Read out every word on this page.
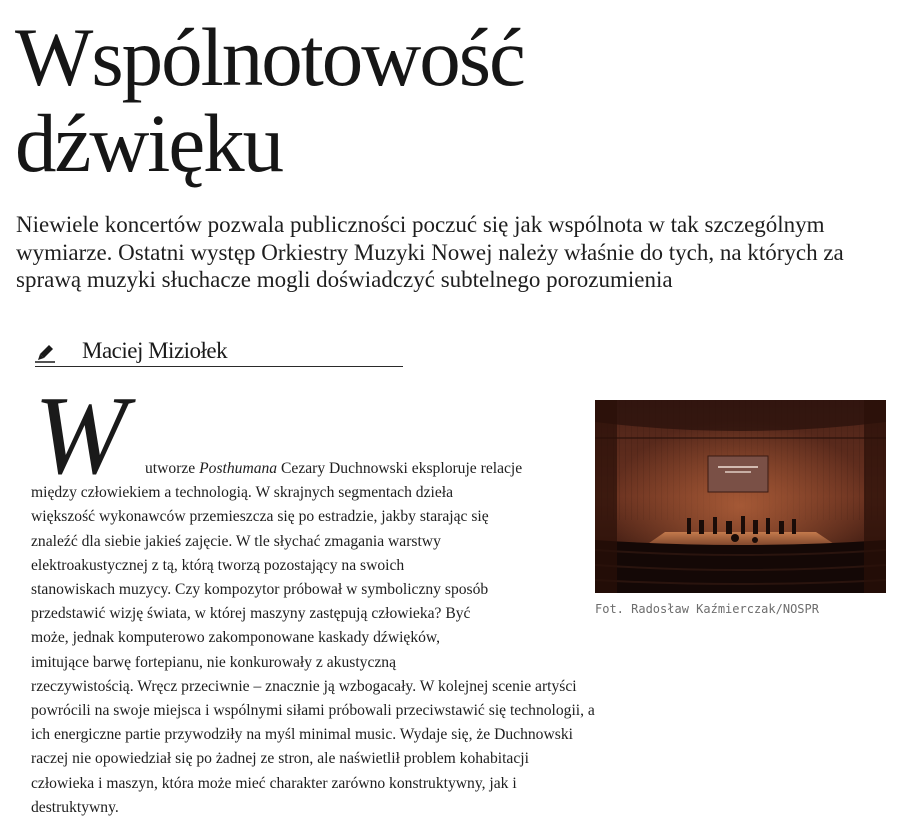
Wspólnotowość
dźwięku

Niewiele koncertów pozwala publiczności poczuć się jak wspólnota w tak szczególnym wymiarze. Ostatni występ Orkiestry Muzyki Nowej należy właśnie do tych, na których za sprawą muzyki słuchacze mogli doświadczyć subtelnego porozumienia

Maciej Miziołek
W	utworze Posthumana Cezary Duchnowski eksploruje relacje
między człowiekiem a technologią. W skrajnych segmentach dzieła
większość wykonawców przemieszcza się po estradzie, jakby starając się
znaleźć dla siebie jakieś zajęcie. W tle słychać zmagania warstwy
elektroakustycznej z tą, którą tworzą pozostający na swoich
stanowiskach muzycy. Czy kompozytor próbował w symboliczny sposób
przedstawić wizję świata, w której maszyny zastępują człowieka? Być
może, jednak komputerowo zakomponowane kaskady dźwięków,
imitujące barwę fortepianu, nie konkurowały z akustyczną
rzeczywistością. Wręcz przeciwnie – znacznie ją wzbogacały. W kolejnej scenie artyści
powrócili na swoje miejsca i wspólnymi siłami próbowali przeciwstawić się technologii, a
ich energiczne partie przywodziły na myśl minimal music. Wydaje się, że Duchnowski
raczej nie opowiedział się po żadnej ze stron, ale naświetlił problem kohabitacji
człowieka i maszyn, która może mieć charakter zarówno konstruktywny, jak i
destruktywny.
Fot. Radosław Kaźmierczak/NOSPR
